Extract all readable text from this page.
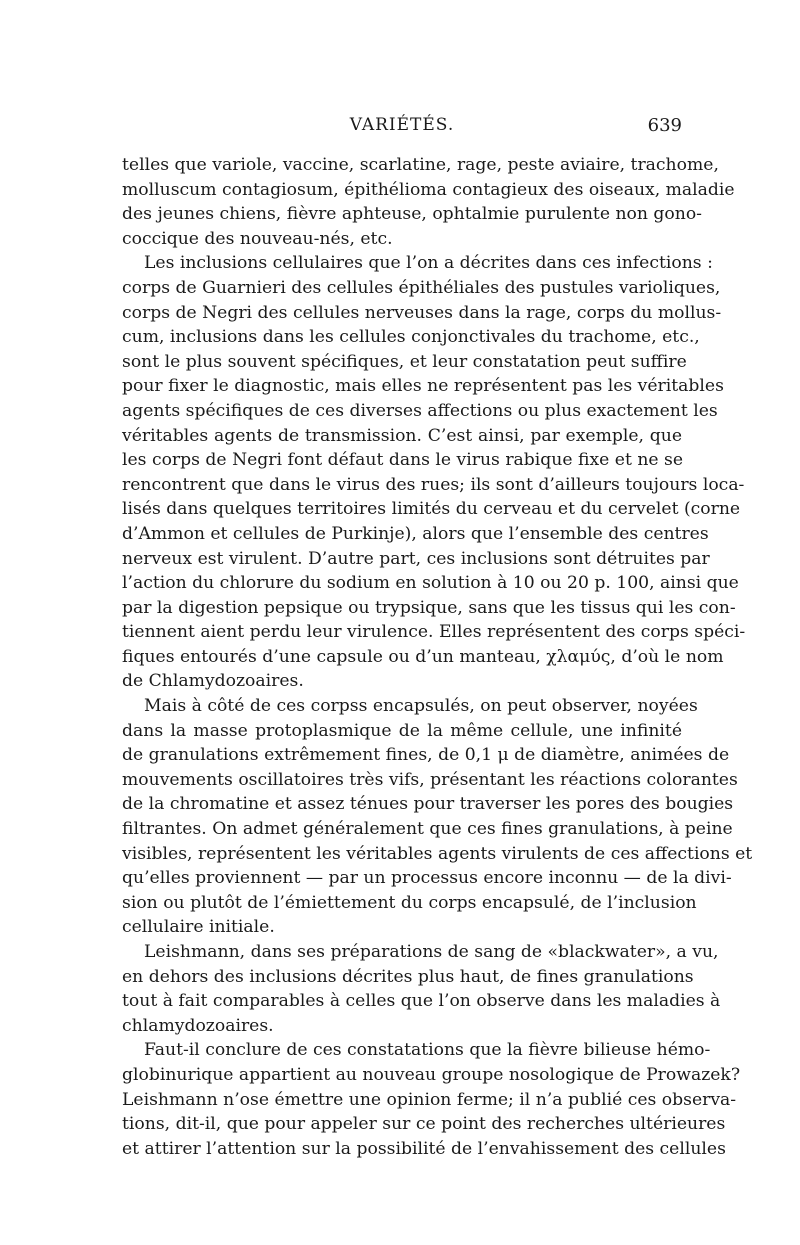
VARIÉTÉS.	639
telles que variole, vaccine, scarlatine, rage, peste aviaire, trachome,
molluscum contagiosum, épithélioma contagieux des oiseaux, maladie
des jeunes chiens, fièvre aphteuse, ophtalmie purulente non gono-
coccique des nouveau-nés, etc.
Les inclusions cellulaires que l’on a décrites dans ces infections :
corps de Guarnieri des cellules épithéliales des pustules varioliques,
corps de Negri des cellules nerveuses dans la rage, corps du mollus-
cum, inclusions dans les cellules conjonctivales du trachome, etc.,
sont le plus souvent spécifiques, et leur constatation peut suffire
pour fixer le diagnostic, mais elles ne représentent pas les véritables
agents spécifiques de ces diverses affections ou plus exactement les
véritables agents de transmission. C’est ainsi, par exemple, que
les corps de Negri font défaut dans le virus rabique fixe et ne se
rencontrent que dans le virus des rues; ils sont d’ailleurs toujours loca-
lisés dans quelques territoires limités du cerveau et du cervelet (corne
d’Ammon et cellules de Purkinje), alors que l’ensemble des centres
nerveux est virulent. D’autre part, ces inclusions sont détruites par
l’action du chlorure du sodium en solution à 10 ou 20 p. 100, ainsi que
par la digestion pepsique ou trypsique, sans que les tissus qui les con-
tiennent aient perdu leur virulence. Elles représentent des corps spéci-
fiques entourés d’une capsule ou d’un manteau, χλαμύς, d’où le nom
de Chlamydozoaires.
Mais à côté de ces corpss encapsulés, on peut observer, noyées
dans la masse protoplasmique de la même cellule, une infinité
de granulations extrêmement fines, de 0,1 μ de diamètre, animées de
mouvements oscillatoires très vifs, présentant les réactions colorantes
de la chromatine et assez ténues pour traverser les pores des bougies
filtrantes. On admet généralement que ces fines granulations, à peine
visibles, représentent les véritables agents virulents de ces affections et
qu’elles proviennent — par un processus encore inconnu — de la divi-
sion ou plutôt de l’émiettement du corps encapsulé, de l’inclusion
cellulaire initiale.
Leishmann, dans ses préparations de sang de «blackwater», a vu,
en dehors des inclusions décrites plus haut, de fines granulations
tout à fait comparables à celles que l’on observe dans les maladies à
chlamydozoaires.
Faut-il conclure de ces constatations que la fièvre bilieuse hémo-
globinurique appartient au nouveau groupe nosologique de Prowazek?
Leishmann n’ose émettre une opinion ferme; il n’a publié ces observa-
tions, dit-il, que pour appeler sur ce point des recherches ultérieures
et attirer l’attention sur la possibilité de l’envahissement des cellules
